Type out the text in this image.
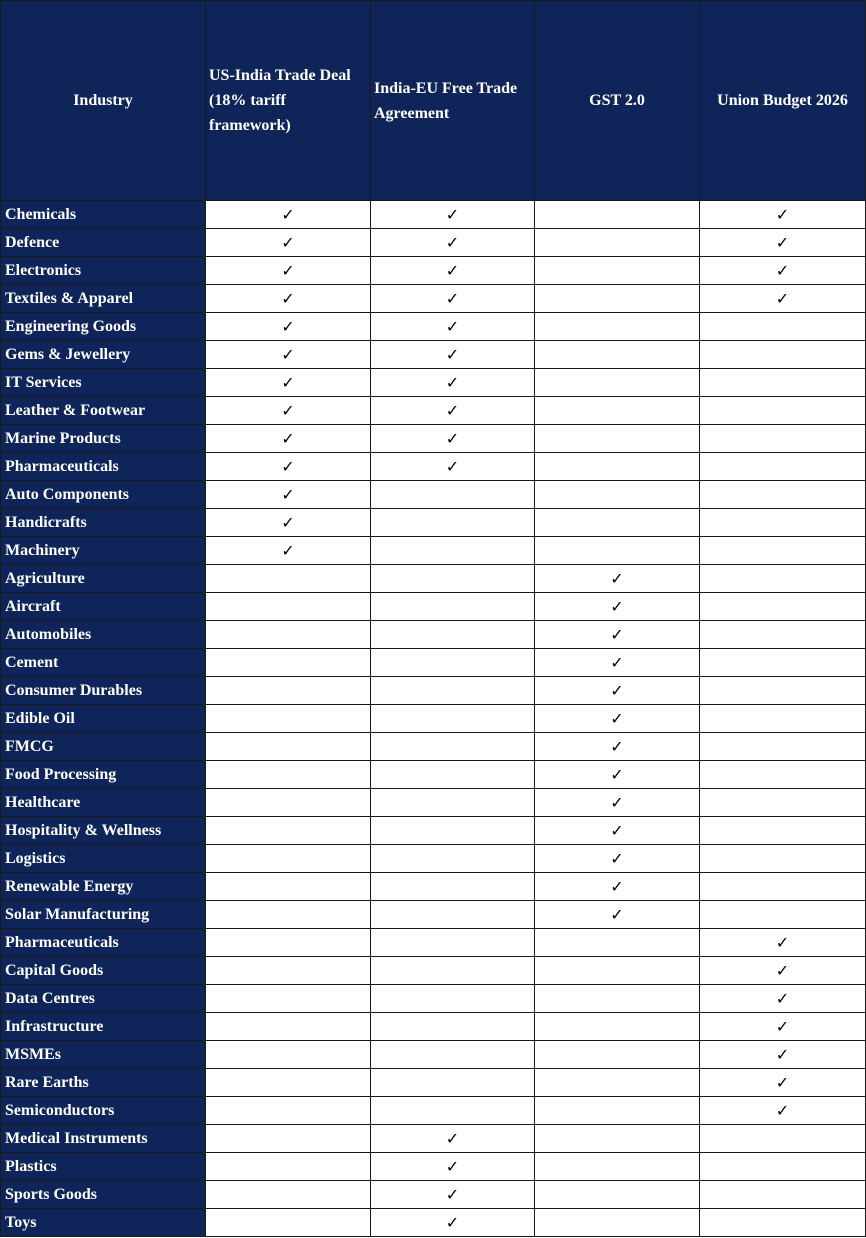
Industry	US-India Trade Deal (18% tariff framework)	India-EU Free Trade Agreement	GST 2.0	Union Budget 2026
Chemicals	✓	✓		✓
Defence	✓	✓		✓
Electronics	✓	✓		✓
Textiles & Apparel	✓	✓		✓
Engineering Goods	✓	✓		
Gems & Jewellery	✓	✓		
IT Services	✓	✓		
Leather & Footwear	✓	✓		
Marine Products	✓	✓		
Pharmaceuticals	✓	✓		
Auto Components	✓			
Handicrafts	✓			
Machinery	✓			
Agriculture			✓	
Aircraft			✓	
Automobiles			✓	
Cement			✓	
Consumer Durables			✓	
Edible Oil			✓	
FMCG			✓	
Food Processing			✓	
Healthcare			✓	
Hospitality & Wellness			✓	
Logistics			✓	
Renewable Energy			✓	
Solar Manufacturing			✓	
Pharmaceuticals				✓
Capital Goods				✓
Data Centres				✓
Infrastructure				✓
MSMEs				✓
Rare Earths				✓
Semiconductors				✓
Medical Instruments		✓		
Plastics		✓		
Sports Goods		✓		
Toys		✓		
